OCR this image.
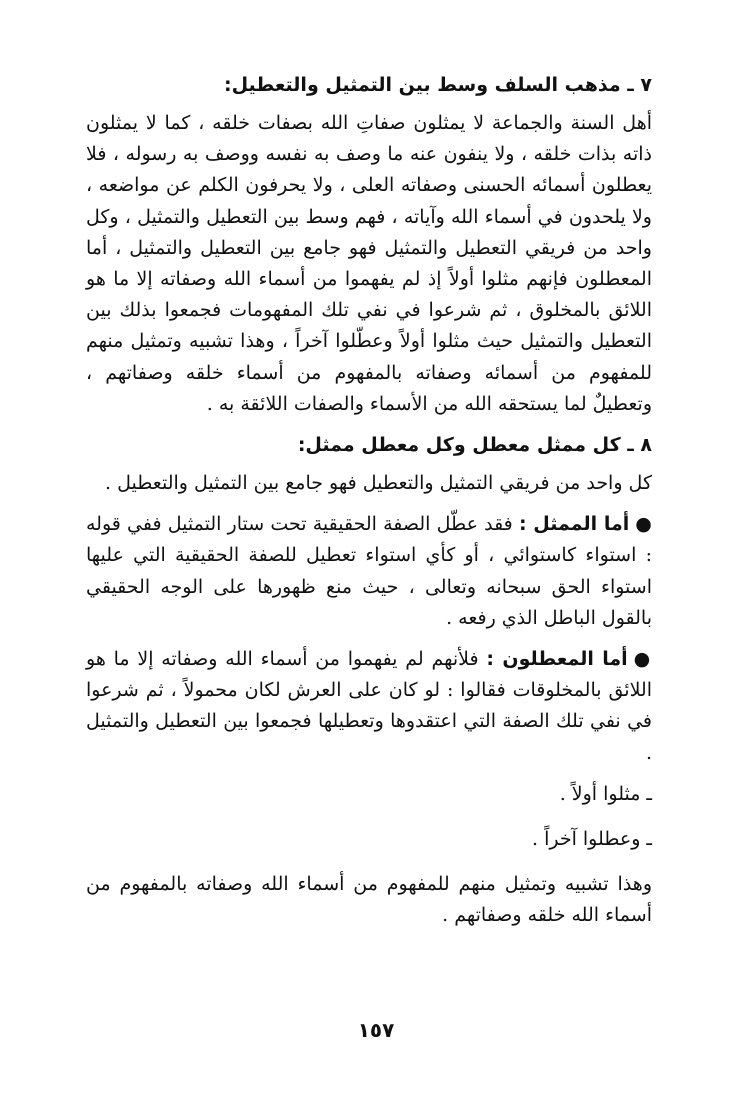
٧ ـ مذهب السلف وسط بين التمثيل والتعطيل:

أهل السنة والجماعة لا يمثلون صفاتِ الله بصفات خلقه ، كما لا يمثلون ذاته بذات خلقه ، ولا ينفون عنه ما وصف به نفسه ووصف به رسوله ، فلا يعطلون أسمائه الحسنى وصفاته العلى ، ولا يحرفون الكلم عن مواضعه ، ولا يلحدون في أسماء الله وآياته ، فهم وسط بين التعطيل والتمثيل ، وكل واحد من فريقي التعطيل والتمثيل فهو جامع بين التعطيل والتمثيل ، أما المعطلون فإنهم مثلوا أولاً إذ لم يفهموا من أسماء الله وصفاته إلا ما هو اللائق بالمخلوق ، ثم شرعوا في نفي تلك المفهومات فجمعوا بذلك بين التعطيل والتمثيل حيث مثلوا أولاً وعطّلوا آخراً ، وهذا تشبيه وتمثيل منهم للمفهوم من أسمائه وصفاته بالمفهوم من أسماء خلقه وصفاتهم ، وتعطيلٌ لما يستحقه الله من الأسماء والصفات اللائقة به .

٨ ـ كل ممثل معطل وكل معطل ممثل:

كل واحد من فريقي التمثيل والتعطيل فهو جامع بين التمثيل والتعطيل .

●أما الممثل : فقد عطّل الصفة الحقيقية تحت ستار التمثيل ففي قوله : استواء كاستوائي ، أو كأي استواء تعطيل للصفة الحقيقية التي عليها استواء الحق سبحانه وتعالى ، حيث منع ظهورها على الوجه الحقيقي بالقول الباطل الذي رفعه .

●أما المعطلون : فلأنهم لم يفهموا من أسماء الله وصفاته إلا ما هو اللائق بالمخلوقات فقالوا : لو كان على العرش لكان محمولاً ، ثم شرعوا في نفي تلك الصفة التي اعتقدوها وتعطيلها فجمعوا بين التعطيل والتمثيل .

ـ مثلوا أولاً .
ـ وعطلوا آخراً .

وهذا تشبيه وتمثيل منهم للمفهوم من أسماء الله وصفاته بالمفهوم من أسماء الله خلقه وصفاتهم .

١٥٧
